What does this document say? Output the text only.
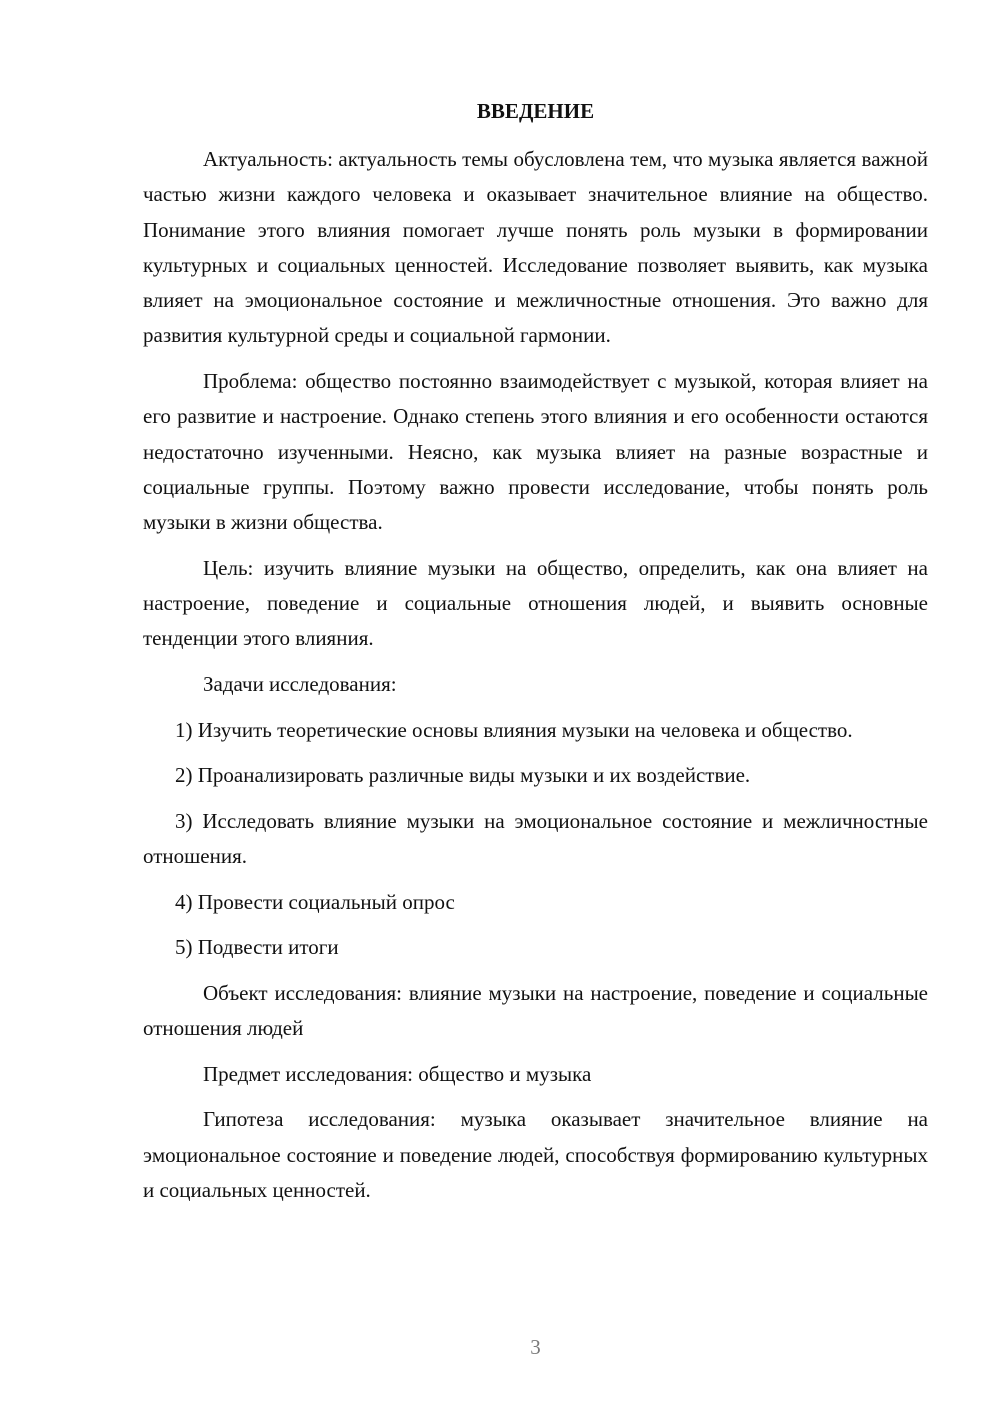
ВВЕДЕНИЕ

Актуальность: актуальность темы обусловлена тем, что музыка является важной частью жизни каждого человека и оказывает значительное влияние на общество. Понимание этого влияния помогает лучше понять роль музыки в формировании культурных и социальных ценностей. Исследование позволяет выявить, как музыка влияет на эмоциональное состояние и межличностные отношения. Это важно для развития культурной среды и социальной гармонии.

Проблема: общество постоянно взаимодействует с музыкой, которая влияет на его развитие и настроение. Однако степень этого влияния и его особенности остаются недостаточно изученными. Неясно, как музыка влияет на разные возрастные и социальные группы. Поэтому важно провести исследование, чтобы понять роль музыки в жизни общества.

Цель: изучить влияние музыки на общество, определить, как она влияет на настроение, поведение и социальные отношения людей, и выявить основные тенденции этого влияния.

Задачи исследования:

1) Изучить теоретические основы влияния музыки на человека и общество.

2) Проанализировать различные виды музыки и их воздействие.

3) Исследовать влияние музыки на эмоциональное состояние и межличностные отношения.

4) Провести социальный опрос

5) Подвести итоги

Объект исследования: влияние музыки на настроение, поведение и социальные отношения людей

Предмет исследования: общество и музыка

Гипотеза исследования: музыка оказывает значительное влияние на эмоциональное состояние и поведение людей, способствуя формированию культурных и социальных ценностей.

3
